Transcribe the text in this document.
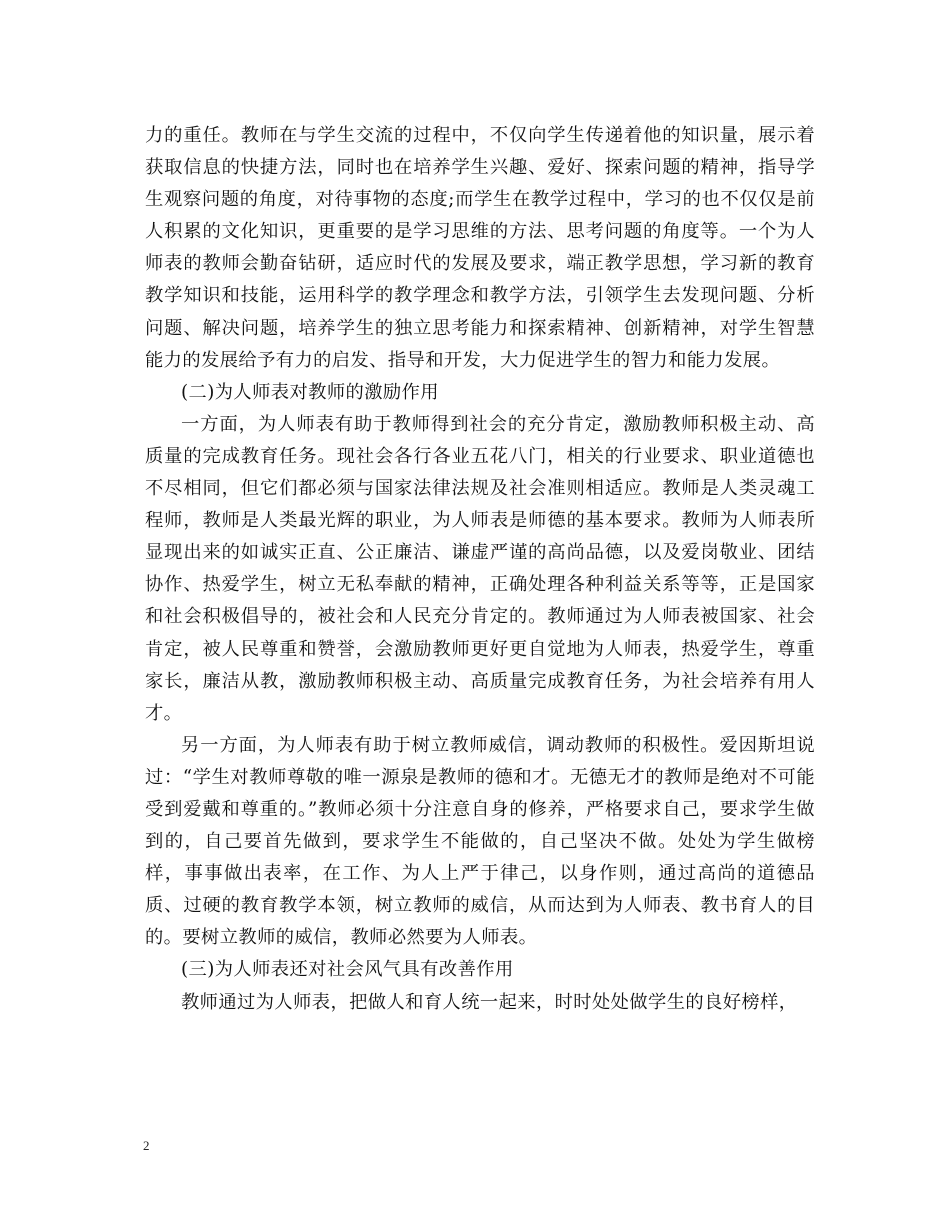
力的重任。教师在与学生交流的过程中，不仅向学生传递着他的知识量，展示着获取信息的快捷方法，同时也在培养学生兴趣、爱好、探索问题的精神，指导学生观察问题的角度，对待事物的态度;而学生在教学过程中，学习的也不仅仅是前人积累的文化知识，更重要的是学习思维的方法、思考问题的角度等。一个为人师表的教师会勤奋钻研，适应时代的发展及要求，端正教学思想，学习新的教育教学知识和技能，运用科学的教学理念和教学方法，引领学生去发现问题、分析问题、解决问题，培养学生的独立思考能力和探索精神、创新精神，对学生智慧能力的发展给予有力的启发、指导和开发，大力促进学生的智力和能力发展。

(二)为人师表对教师的激励作用

一方面，为人师表有助于教师得到社会的充分肯定，激励教师积极主动、高质量的完成教育任务。现社会各行各业五花八门，相关的行业要求、职业道德也不尽相同，但它们都必须与国家法律法规及社会准则相适应。教师是人类灵魂工程师，教师是人类最光辉的职业，为人师表是师德的基本要求。教师为人师表所显现出来的如诚实正直、公正廉洁、谦虚严谨的高尚品德，以及爱岗敬业、团结协作、热爱学生，树立无私奉献的精神，正确处理各种利益关系等等，正是国家和社会积极倡导的，被社会和人民充分肯定的。教师通过为人师表被国家、社会肯定，被人民尊重和赞誉，会激励教师更好更自觉地为人师表，热爱学生，尊重家长，廉洁从教，激励教师积极主动、高质量完成教育任务，为社会培养有用人才。

另一方面，为人师表有助于树立教师威信，调动教师的积极性。爱因斯坦说过：“学生对教师尊敬的唯一源泉是教师的德和才。无德无才的教师是绝对不可能受到爱戴和尊重的。”教师必须十分注意自身的修养，严格要求自己，要求学生做到的，自己要首先做到，要求学生不能做的，自己坚决不做。处处为学生做榜样，事事做出表率，在工作、为人上严于律己，以身作则，通过高尚的道德品质、过硬的教育教学本领，树立教师的威信，从而达到为人师表、教书育人的目的。要树立教师的威信，教师必然要为人师表。

(三)为人师表还对社会风气具有改善作用

教师通过为人师表，把做人和育人统一起来，时时处处做学生的良好榜样，

2
